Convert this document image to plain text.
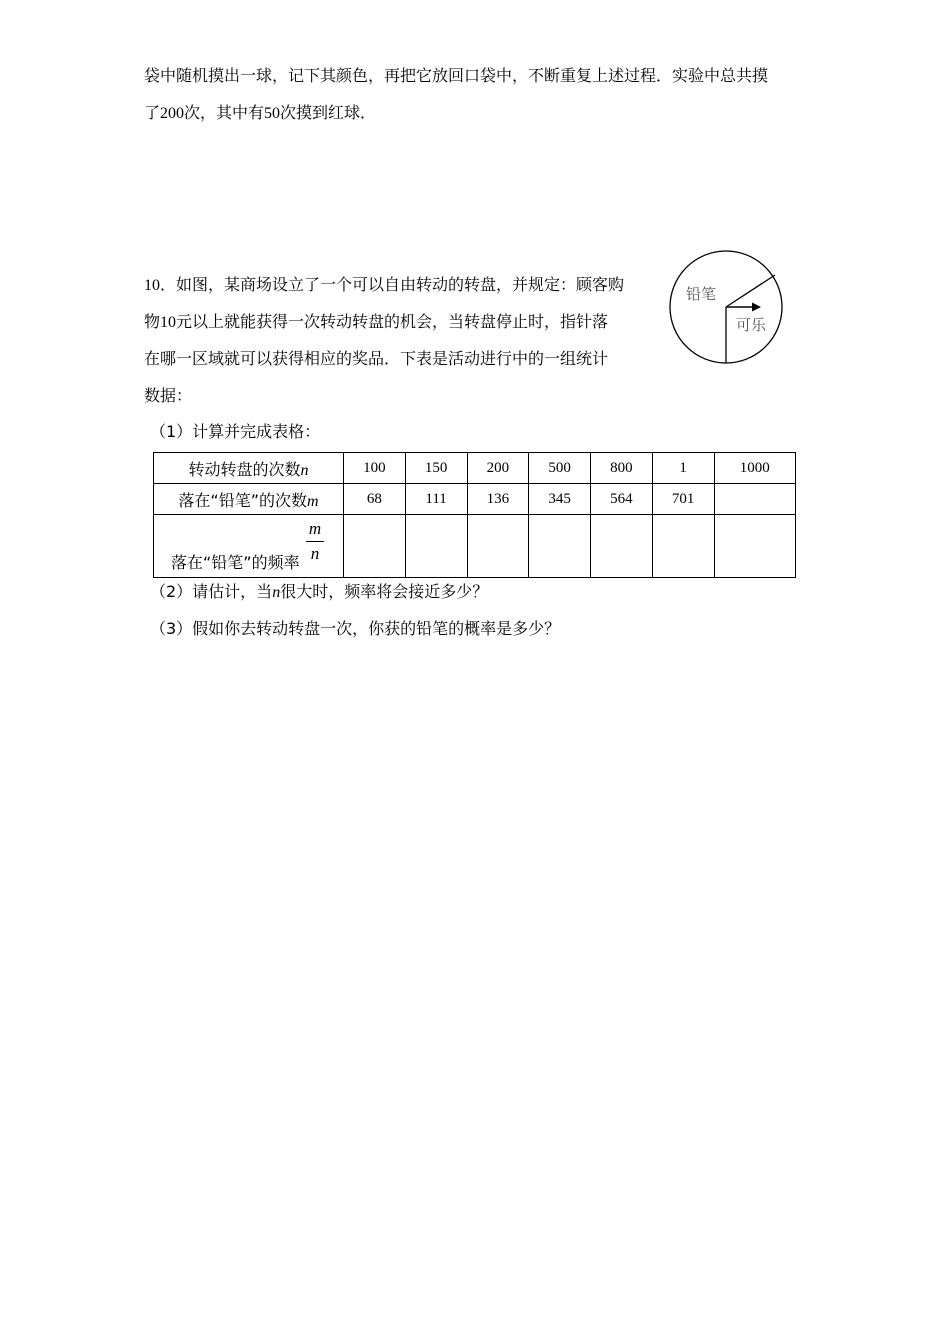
袋中随机摸出一球，记下其颜色，再把它放回口袋中，不断重复上述过程．实验中总共摸
了200次，其中有50次摸到红球．
10．如图，某商场设立了一个可以自由转动的转盘，并规定：顾客购
物10元以上就能获得一次转动转盘的机会，当转盘停止时，指针落
在哪一区域就可以获得相应的奖品．下表是活动进行中的一组统计
数据：
铅笔
可乐
（1）计算并完成表格：
转动转盘的次数n	100	150	200	500	800	1	1000
落在“铅笔”的次数m	68	111	136	345	564	701	

落在“铅笔”的频率
m
n							

（2）请估计，当n很大时，频率将会接近多少？
（3）假如你去转动转盘一次，你获的铅笔的概率是多少？
